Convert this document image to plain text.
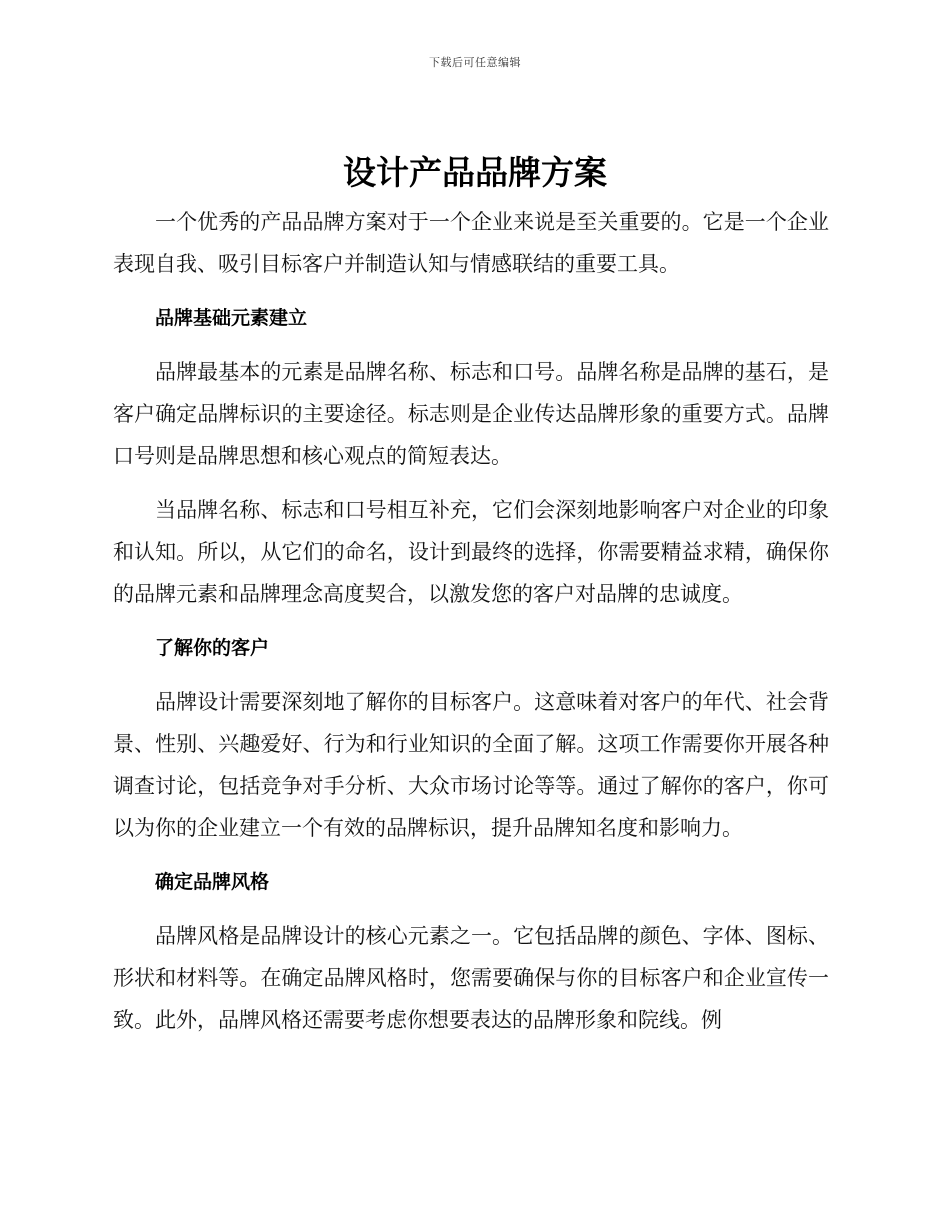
下载后可任意编辑
设计产品品牌方案

一个优秀的产品品牌方案对于一个企业来说是至关重要的。它是一个企业表现自我、吸引目标客户并制造认知与情感联结的重要工具。

品牌基础元素建立

品牌最基本的元素是品牌名称、标志和口号。品牌名称是品牌的基石，是客户确定品牌标识的主要途径。标志则是企业传达品牌形象的重要方式。品牌口号则是品牌思想和核心观点的简短表达。

当品牌名称、标志和口号相互补充，它们会深刻地影响客户对企业的印象和认知。所以，从它们的命名，设计到最终的选择，你需要精益求精，确保你的品牌元素和品牌理念高度契合，以激发您的客户对品牌的忠诚度。

了解你的客户

品牌设计需要深刻地了解你的目标客户。这意味着对客户的年代、社会背景、性别、兴趣爱好、行为和行业知识的全面了解。这项工作需要你开展各种调查讨论，包括竞争对手分析、大众市场讨论等等。通过了解你的客户，你可以为你的企业建立一个有效的品牌标识，提升品牌知名度和影响力。

确定品牌风格

品牌风格是品牌设计的核心元素之一。它包括品牌的颜色、字体、图标、形状和材料等。在确定品牌风格时，您需要确保与你的目标客户和企业宣传一致。此外，品牌风格还需要考虑你想要表达的品牌形象和院线。例
